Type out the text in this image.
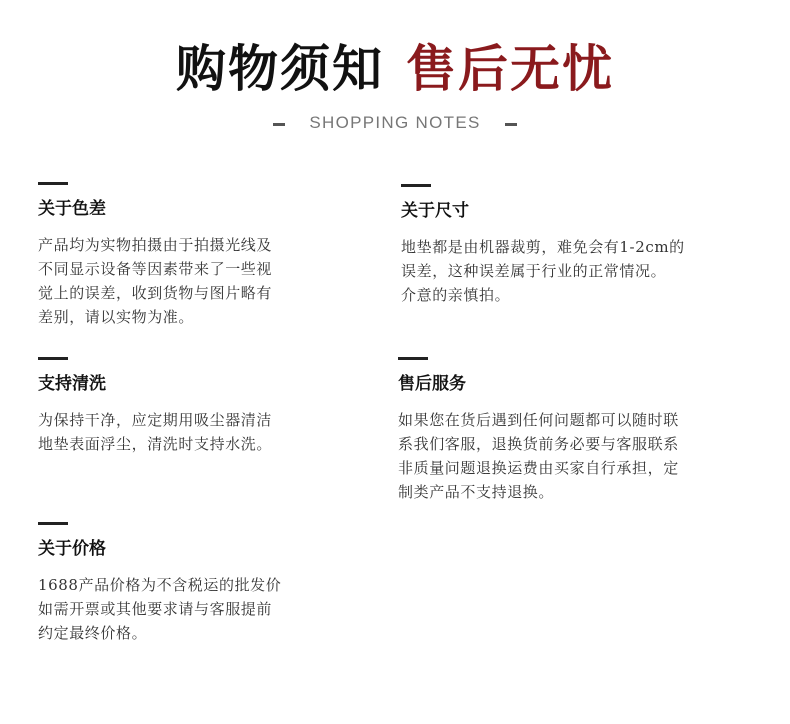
购物须知 售后无忧
SHOPPING NOTES
关于色差
产品均为实物拍摄由于拍摄光线及
不同显示设备等因素带来了一些视
觉上的误差，收到货物与图片略有
差别，请以实物为准。
关于尺寸
地垫都是由机器裁剪，难免会有1-2cm的
误差，这种误差属于行业的正常情况。
介意的亲慎拍。
支持清洗
为保持干净，应定期用吸尘器清洁
地垫表面浮尘，清洗时支持水洗。
售后服务
如果您在货后遇到任何问题都可以随时联
系我们客服，退换货前务必要与客服联系
非质量问题退换运费由买家自行承担，定
制类产品不支持退换。
关于价格
1688产品价格为不含税运的批发价
如需开票或其他要求请与客服提前
约定最终价格。
